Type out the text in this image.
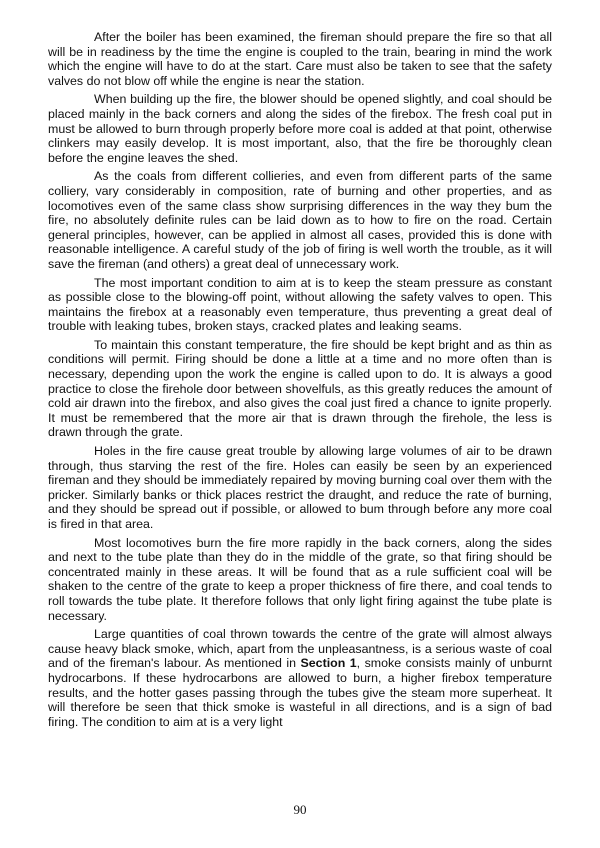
After the boiler has been examined, the fireman should prepare the fire so that all will be in readiness by the time the engine is coupled to the train, bearing in mind the work which the engine will have to do at the start. Care must also be taken to see that the safety valves do not blow off while the engine is near the station.

When building up the fire, the blower should be opened slightly, and coal should be placed mainly in the back corners and along the sides of the firebox. The fresh coal put in must be allowed to burn through properly before more coal is added at that point, otherwise clinkers may easily develop. It is most important, also, that the fire be thoroughly clean before the engine leaves the shed.

As the coals from different collieries, and even from different parts of the same colliery, vary considerably in composition, rate of burning and other properties, and as locomotives even of the same class show surprising differences in the way they bum the fire, no absolutely definite rules can be laid down as to how to fire on the road. Certain general principles, however, can be applied in almost all cases, provided this is done with reasonable intelligence. A careful study of the job of firing is well worth the trouble, as it will save the fireman (and others) a great deal of unnecessary work.

The most important condition to aim at is to keep the steam pressure as constant as possible close to the blowing-off point, without allowing the safety valves to open. This maintains the firebox at a reasonably even temperature, thus preventing a great deal of trouble with leaking tubes, broken stays, cracked plates and leaking seams.

To maintain this constant temperature, the fire should be kept bright and as thin as conditions will permit. Firing should be done a little at a time and no more often than is necessary, depending upon the work the engine is called upon to do. It is always a good practice to close the firehole door between shovelfuls, as this greatly reduces the amount of cold air drawn into the firebox, and also gives the coal just fired a chance to ignite properly. It must be remembered that the more air that is drawn through the firehole, the less is drawn through the grate.

Holes in the fire cause great trouble by allowing large volumes of air to be drawn through, thus starving the rest of the fire. Holes can easily be seen by an experienced fireman and they should be immediately repaired by moving burning coal over them with the pricker. Similarly banks or thick places restrict the draught, and reduce the rate of burning, and they should be spread out if possible, or allowed to bum through before any more coal is fired in that area.

Most locomotives burn the fire more rapidly in the back corners, along the sides and next to the tube plate than they do in the middle of the grate, so that firing should be concentrated mainly in these areas. It will be found that as a rule sufficient coal will be shaken to the centre of the grate to keep a proper thickness of fire there, and coal tends to roll towards the tube plate. It therefore follows that only light firing against the tube plate is necessary.

Large quantities of coal thrown towards the centre of the grate will almost always cause heavy black smoke, which, apart from the unpleasantness, is a serious waste of coal and of the fireman's labour. As mentioned in Section 1, smoke consists mainly of unburnt hydrocarbons. If these hydrocarbons are allowed to burn, a higher firebox temperature results, and the hotter gases passing through the tubes give the steam more superheat. It will therefore be seen that thick smoke is wasteful in all directions, and is a sign of bad firing. The condition to aim at is a very light

90
